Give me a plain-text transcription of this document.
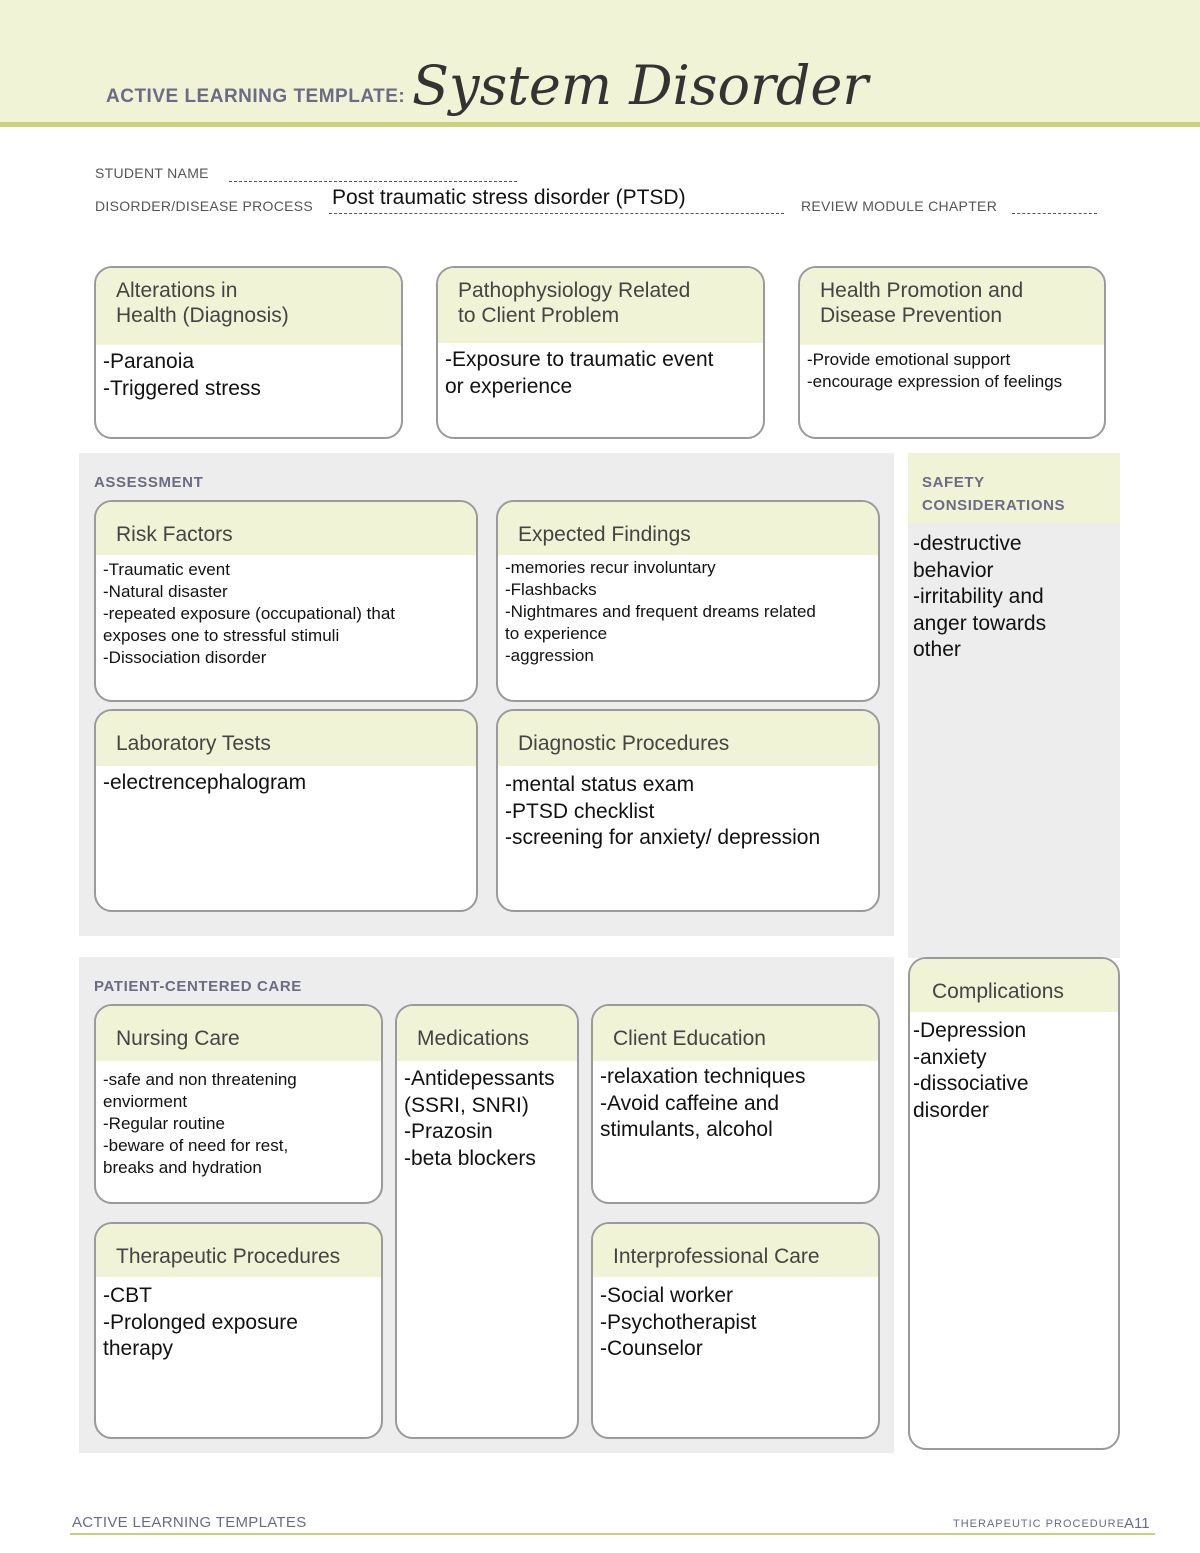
ACTIVE LEARNING TEMPLATE: System Disorder
STUDENT NAME
DISORDER/DISEASE PROCESS Post traumatic stress disorder (PTSD)	REVIEW MODULE CHAPTER
Alterations in
Health (Diagnosis)
-Paranoia
-Triggered stress
Pathophysiology Related
to Client Problem
-Exposure to traumatic event
or experience
Health Promotion and
Disease Prevention
-Provide emotional support
-encourage expression of feelings
ASSESSMENT
Risk Factors
-Traumatic event
-Natural disaster
-repeated exposure (occupational) that
exposes one to stressful stimuli
-Dissociation disorder
Expected Findings
-memories recur involuntary
-Flashbacks
-Nightmares and frequent dreams related
to experience
-aggression
Laboratory Tests
-electrencephalogram
Diagnostic Procedures
-mental status exam
-PTSD checklist
-screening for anxiety/ depression
SAFETY
CONSIDERATIONS
-destructive
behavior
-irritability and
anger towards
other
PATIENT-CENTERED CARE
Nursing Care
-safe and non threatening
enviorment
-Regular routine
-beware of need for rest,
breaks and hydration
Medications
-Antidepessants
(SSRI, SNRI)
-Prazosin
-beta blockers
Client Education
-relaxation techniques
-Avoid caffeine and
stimulants, alcohol
Therapeutic Procedures
-CBT
-Prolonged exposure
therapy
Interprofessional Care
-Social worker
-Psychotherapist
-Counselor
Complications
-Depression
-anxiety
-dissociative
disorder
ACTIVE LEARNING TEMPLATES	THERAPEUTIC PROCEDURE A11
